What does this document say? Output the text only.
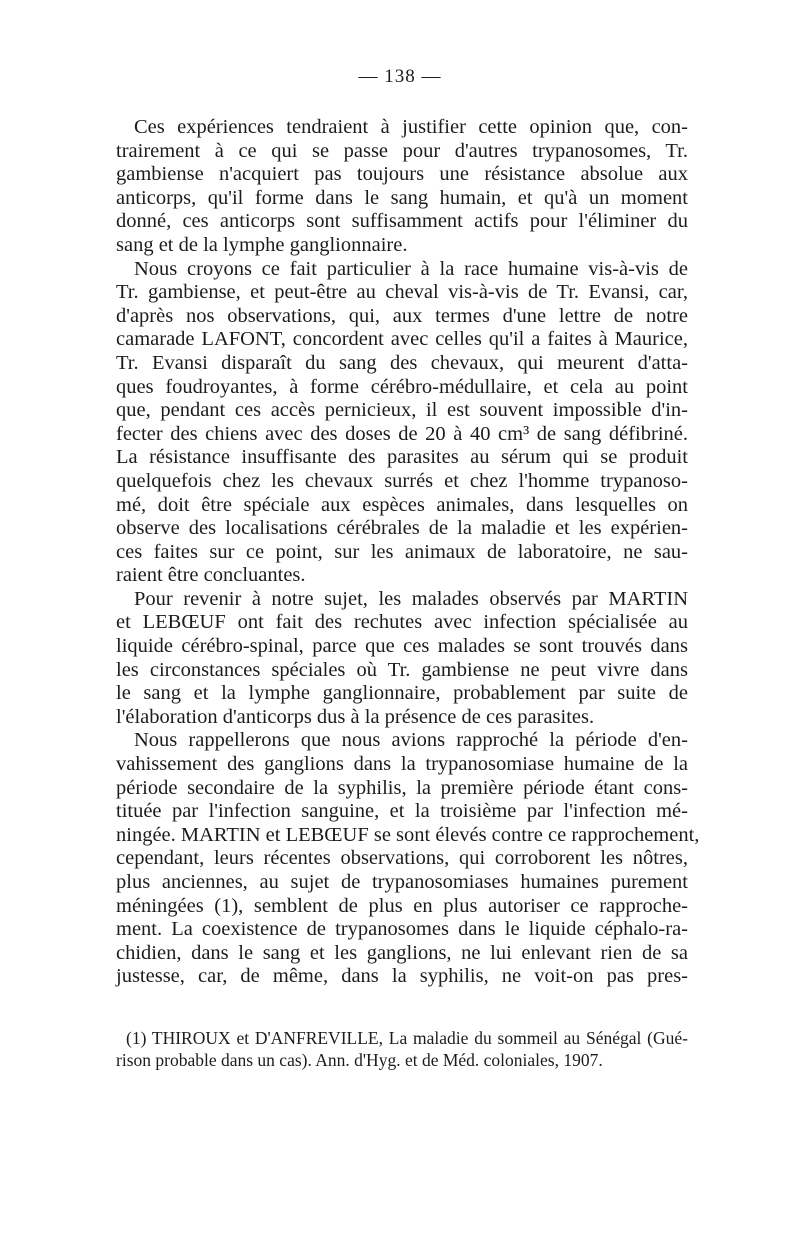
— 138 —

Ces expériences tendraient à justifier cette opinion que, con-
trairement à ce qui se passe pour d'autres trypanosomes, Tr.
gambiense n'acquiert pas toujours une résistance absolue aux
anticorps, qu'il forme dans le sang humain, et qu'à un moment
donné, ces anticorps sont suffisamment actifs pour l'éliminer du
sang et de la lymphe ganglionnaire.

Nous croyons ce fait particulier à la race humaine vis-à-vis de
Tr. gambiense, et peut-être au cheval vis-à-vis de Tr. Evansi, car,
d'après nos observations, qui, aux termes d'une lettre de notre
camarade LAFONT, concordent avec celles qu'il a faites à Maurice,
Tr. Evansi disparaît du sang des chevaux, qui meurent d'atta-
ques foudroyantes, à forme cérébro-médullaire, et cela au point
que, pendant ces accès pernicieux, il est souvent impossible d'in-
fecter des chiens avec des doses de 20 à 40 cm³ de sang défibriné.
La résistance insuffisante des parasites au sérum qui se produit
quelquefois chez les chevaux surrés et chez l'homme trypanoso-
mé, doit être spéciale aux espèces animales, dans lesquelles on
observe des localisations cérébrales de la maladie et les expérien-
ces faites sur ce point, sur les animaux de laboratoire, ne sau-
raient être concluantes.

Pour revenir à notre sujet, les malades observés par MARTIN
et LEBŒUF ont fait des rechutes avec infection spécialisée au
liquide cérébro-spinal, parce que ces malades se sont trouvés dans
les circonstances spéciales où Tr. gambiense ne peut vivre dans
le sang et la lymphe ganglionnaire, probablement par suite de
l'élaboration d'anticorps dus à la présence de ces parasites.

Nous rappellerons que nous avions rapproché la période d'en-
vahissement des ganglions dans la trypanosomiase humaine de la
période secondaire de la syphilis, la première période étant cons-
tituée par l'infection sanguine, et la troisième par l'infection mé-
ningée. MARTIN et LEBŒUF se sont élevés contre ce rapprochement,
cependant, leurs récentes observations, qui corroborent les nôtres,
plus anciennes, au sujet de trypanosomiases humaines purement
méningées (1), semblent de plus en plus autoriser ce rapproche-
ment. La coexistence de trypanosomes dans le liquide céphalo-ra-
chidien, dans le sang et les ganglions, ne lui enlevant rien de sa
justesse, car, de même, dans la syphilis, ne voit-on pas pres-

(1) THIROUX et D'ANFREVILLE, La maladie du sommeil au Sénégal (Gué-
rison probable dans un cas). Ann. d'Hyg. et de Méd. coloniales, 1907.
